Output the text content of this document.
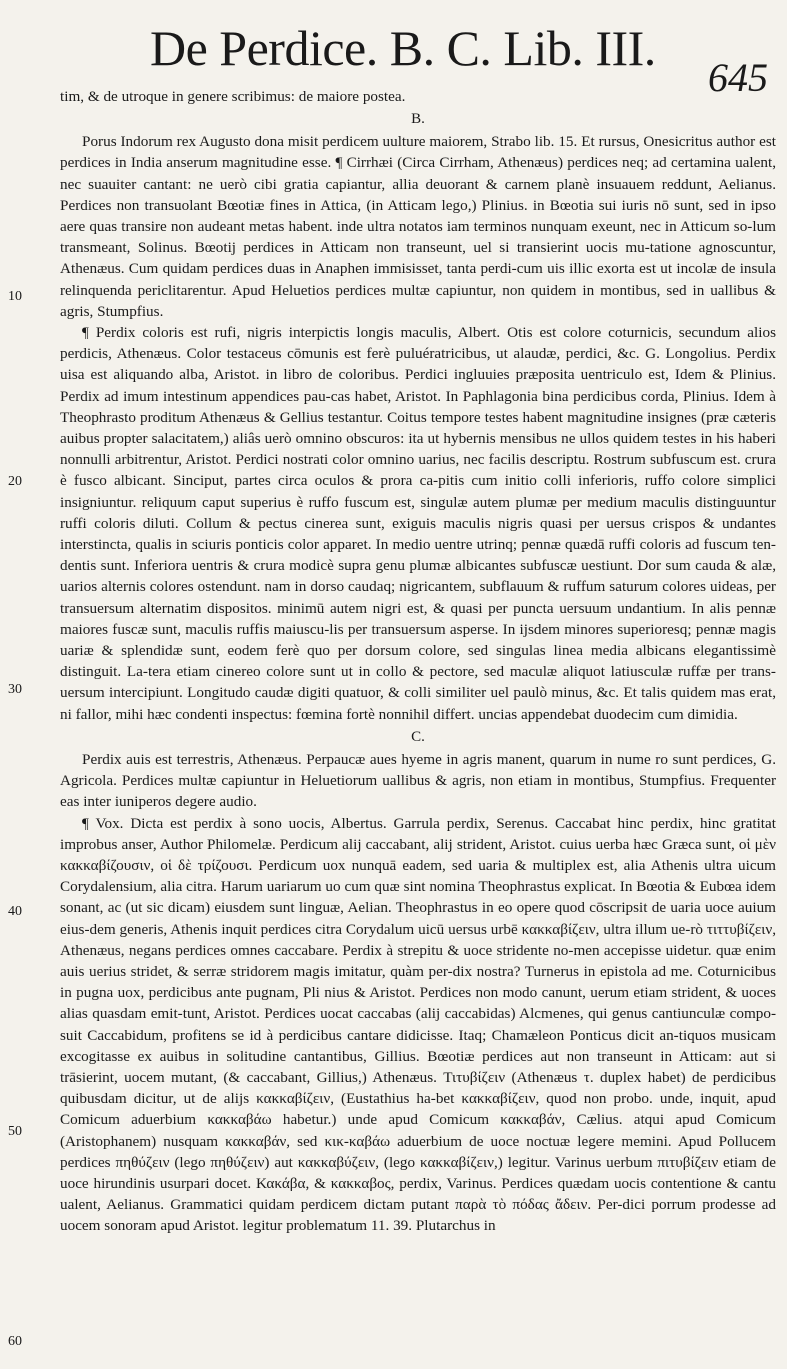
De Perdice. B. C. Lib. III.
645

tim, & de utroque in genere scribimus: de maiore postea.

B.

Porus Indorum rex Augusto dona misit perdicem uulture maiorem, Strabo lib. 15. Et rursus, Onesicritus author est perdices in India anserum magnitudine esse. ¶ Cirrhæi (Circa Cirrham, Athenæus) perdices neq; ad certamina ualent, nec suauiter cantant: ne uerò cibi gratia capiantur, allia deuorant & carnem planè insuauem reddunt, Aelianus. Perdices non transuolant Bœotiæ fines in Attica, (in Atticam lego,) Plinius. in Bœotia sui iuris nō sunt, sed in ipso aere quas transire non audeant metas habent. inde ultra notatos iam terminos nunquam exeunt, nec in Atticum so-lum transmeant, Solinus. Bœotij perdices in Atticam non transeunt, uel si transierint uocis mu-tatione agnoscuntur, Athenæus. Cum quidam perdices duas in Anaphen immisisset, tanta perdi-cum uis illic exorta est ut incolæ de insula relinquenda periclitarentur. Apud Heluetios perdices multæ capiuntur, non quidem in montibus, sed in uallibus & agris, Stumpfius.

¶ Perdix coloris est rufi, nigris interpictis longis maculis, Albert. Otis est colore coturnicis, secundum alios perdicis, Athenæus. Color testaceus cōmunis est ferè puluératricibus, ut alaudæ, perdici, &c. G. Longolius. Perdix uisa est aliquando alba, Aristot. in libro de coloribus. Perdici ingluuies præposita uentriculo est, Idem & Plinius. Perdix ad imum intestinum appendices pau-cas habet, Aristot. In Paphlagonia bina perdicibus corda, Plinius. Idem à Theophrasto proditum Athenæus & Gellius testantur. Coitus tempore testes habent magnitudine insignes (præ cæteris auibus propter salacitatem,) aliâs uerò omnino obscuros: ita ut hybernis mensibus ne ullos quidem testes in his haberi nonnulli arbitrentur, Aristot. Perdici nostrati color omnino uarius, nec facilis descriptu. Rostrum subfuscum est. crura è fusco albicant. Sinciput, partes circa oculos & prora ca-pitis cum initio colli inferioris, ruffo colore simplici insigniuntur. reliquum caput superius è ruffo fuscum est, singulæ autem plumæ per medium maculis distinguuntur ruffi coloris diluti. Collum & pectus cinerea sunt, exiguis maculis nigris quasi per uersus crispos & undantes interstincta, qualis in sciuris ponticis color apparet. In medio uentre utrinq; pennæ quædā ruffi coloris ad fuscum ten-dentis sunt. Inferiora uentris & crura modicè supra genu plumæ albicantes subfuscæ uestiunt. Dor sum cauda & alæ, uarios alternis colores ostendunt. nam in dorso caudaq; nigricantem, subflauum & ruffum saturum colores uideas, per transuersum alternatim dispositos. minimū autem nigri est, & quasi per puncta uersuum undantium. In alis pennæ maiores fuscæ sunt, maculis ruffis maiuscu-lis per transuersum asperse. In ijsdem minores superioresq; pennæ magis uariæ & splendidæ sunt, eodem ferè quo per dorsum colore, sed singulas linea media albicans elegantissimè distinguit. La-tera etiam cinereo colore sunt ut in collo & pectore, sed maculæ aliquot latiusculæ ruffæ per trans-uersum intercipiunt. Longitudo caudæ digiti quatuor, & colli similiter uel paulò minus, &c. Et talis quidem mas erat, ni fallor, mihi hæc condenti inspectus: fœmina fortè nonnihil differt. uncias appendebat duodecim cum dimidia.

C.

Perdix auis est terrestris, Athenæus. Perpaucæ aues hyeme in agris manent, quarum in nume ro sunt perdices, G. Agricola. Perdices multæ capiuntur in Heluetiorum uallibus & agris, non etiam in montibus, Stumpfius. Frequenter eas inter iuniperos degere audio.

¶ Vox. Dicta est perdix à sono uocis, Albertus. Garrula perdix, Serenus. Caccabat hinc perdix, hinc gratitat improbus anser, Author Philomelæ. Perdicum alij caccabant, alij strident, Aristot. cuius uerba hæc Græca sunt, οἱ μὲν κακκαβίζουσιν, οἱ δὲ τρίζουσι. Perdicum uox nunquā eadem, sed uaria & multiplex est, alia Athenis ultra uicum Corydalensium, alia citra. Harum uariarum uo cum quæ sint nomina Theophrastus explicat. In Bœotia & Eubœa idem sonant, ac (ut sic dicam) eiusdem sunt linguæ, Aelian. Theophrastus in eo opere quod cōscripsit de uaria uoce auium eius-dem generis, Athenis inquit perdices citra Corydalum uicū uersus urbē κακκαβίζειν, ultra illum ue-rò τιττυβίζειν, Athenæus, negans perdices omnes caccabare. Perdix à strepitu & uoce stridente no-men accepisse uidetur. quæ enim auis uerius stridet, & serræ stridorem magis imitatur, quàm per-dix nostra? Turnerus in epistola ad me. Coturnicibus in pugna uox, perdicibus ante pugnam, Pli nius & Aristot. Perdices non modo canunt, uerum etiam strident, & uoces alias quasdam emit-tunt, Aristot. Perdices uocat caccabas (alij caccabidas) Alcmenes, qui genus cantiunculæ compo-suit Caccabidum, profitens se id à perdicibus cantare didicisse. Itaq; Chamæleon Ponticus dicit an-tiquos musicam excogitasse ex auibus in solitudine cantantibus, Gillius. Bœotiæ perdices aut non transeunt in Atticam: aut si trāsierint, uocem mutant, (& caccabant, Gillius,) Athenæus. Τιτυβίζειν (Athenæus τ. duplex habet) de perdicibus quibusdam dicitur, ut de alijs κακκαβίζειν, (Eustathius ha-bet κακκαβίζειν, quod non probo. unde, inquit, apud Comicum aduerbium κακκαβάω habetur.) unde apud Comicum κακκαβάν, Cælius. atqui apud Comicum (Aristophanem) nusquam κακκαβάν, sed κικ-καβάω aduerbium de uoce noctuæ legere memini. Apud Pollucem perdices πηθύζειν (lego πηθύζειν) aut κακκαβύζειν, (lego κακκαβίζειν,) legitur. Varinus uerbum πιτυβίζειν etiam de uoce hirundinis usurpari docet. Κακάβα, & κακκαβος, perdix, Varinus. Perdices quædam uocis contentione & cantu ualent, Aelianus. Grammatici quidam perdicem dictam putant παρὰ τὸ πόδας ἄδειν. Per-dici porrum prodesse ad uocem sonoram apud Aristot. legitur problematum 11. 39. Plutarchus in

10
20
30
40
50
60
